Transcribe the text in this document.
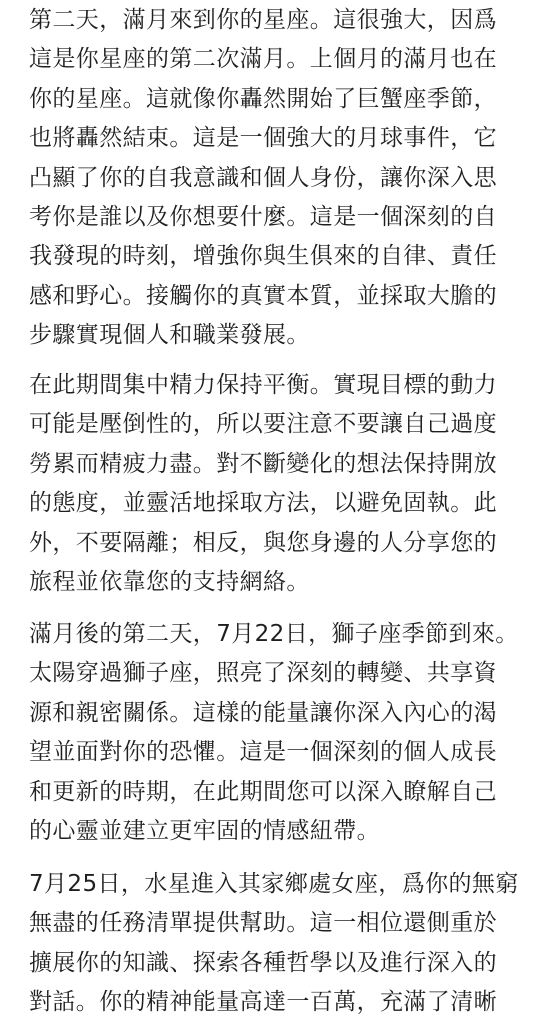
第二天，滿月來到你的星座。這很強大，因爲
這是你星座的第二次滿月。上個月的滿月也在
你的星座。這就像你轟然開始了巨蟹座季節，
也將轟然結束。這是一個強大的月球事件，它
凸顯了你的自我意識和個人身份，讓你深入思
考你是誰以及你想要什麼。這是一個深刻的自
我發現的時刻，增強你與生俱來的自律、責任
感和野心。接觸你的真實本質，並採取大膽的
步驟實現個人和職業發展。
在此期間集中精力保持平衡。實現目標的動力
可能是壓倒性的，所以要注意不要讓自己過度
勞累而精疲力盡。對不斷變化的想法保持開放
的態度，並靈活地採取方法，以避免固執。此
外，不要隔離；相反，與您身邊的人分享您的
旅程並依靠您的支持網絡。
滿月後的第二天，7月22日，獅子座季節到來。
太陽穿過獅子座，照亮了深刻的轉變、共享資
源和親密關係。這樣的能量讓你深入內心的渴
望並面對你的恐懼。這是一個深刻的個人成長
和更新的時期，在此期間您可以深入瞭解自己
的心靈並建立更牢固的情感紐帶。
7月25日，水星進入其家鄉處女座，爲你的無窮
無盡的任務清單提供幫助。這一相位還側重於
擴展你的知識、探索各種哲學以及進行深入的
對話。你的精神能量高達一百萬，充滿了清晰
